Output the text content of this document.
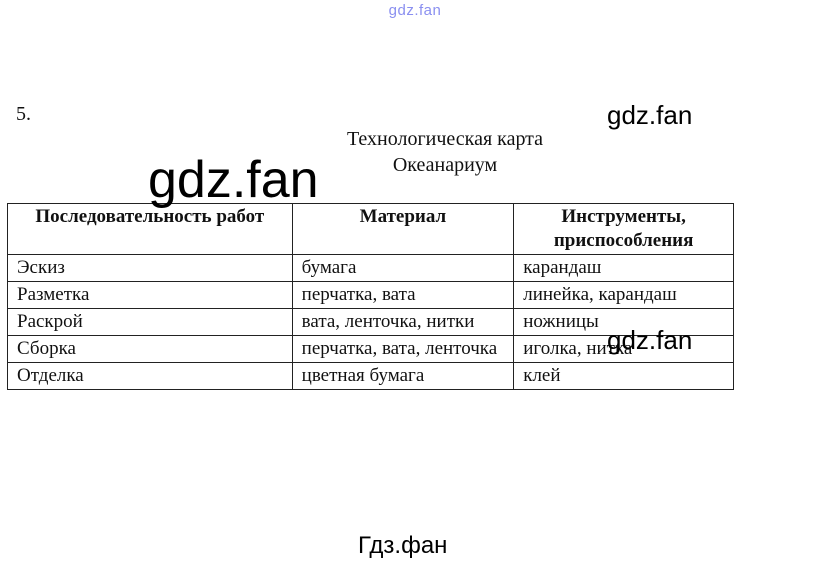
gdz.fan
5.
Технологическая карта
Океанариум
gdz.fan
Последовательность работ	Материал	Инструменты, приспособления
Эскиз	бумага	карандаш
Разметка	перчатка, вата	линейка, карандаш
Раскрой	вата, ленточка, нитки	ножницы
Сборка	перчатка, вата, ленточка	иголка, нитка
Отделка	цветная бумага	клей
gdz.fan
gdz.fan
Гдз.фан
